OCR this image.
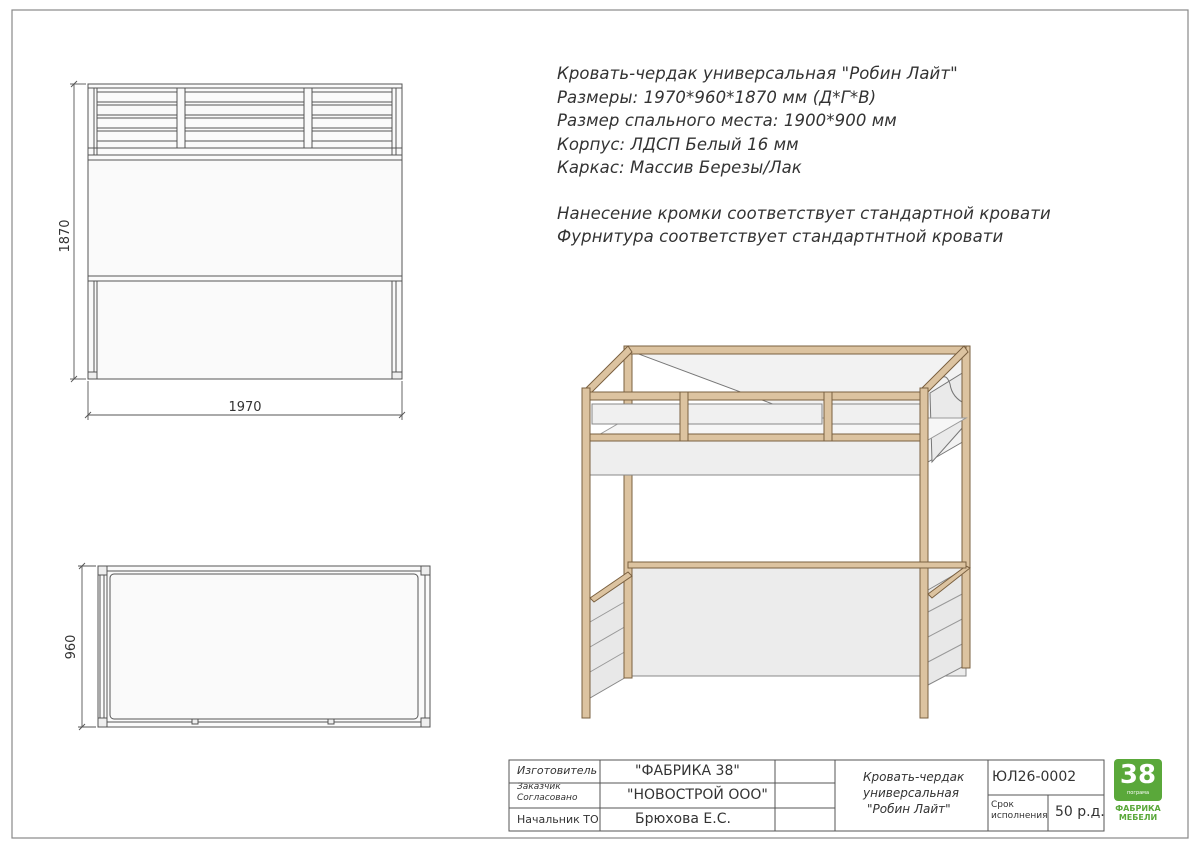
1870
1970
960
Кровать-чердак универсальная "Робин Лайт"
Размеры: 1970*960*1870 мм (Д*Г*В)
Размер спального места: 1900*900 мм
Корпус: ЛДСП Белый 16 мм
Каркас: Массив Березы/Лак
Нанесение кромки соответствует стандартной кровати
Фурнитура соответствует стандартнтной кровати
Изготовитель	"ФАБРИКА 38"
Заказчик
Согласовано	"НОВОСТРОЙ ООО"
Начальник ТО	Брюхова Е.С.
Кровать-чердак
универсальная
"Робин Лайт"
ЮЛ26-0002
Срок
исполнения 50 р.д.
38
пограма
ФАБРИКА
МЕБЕЛИ
